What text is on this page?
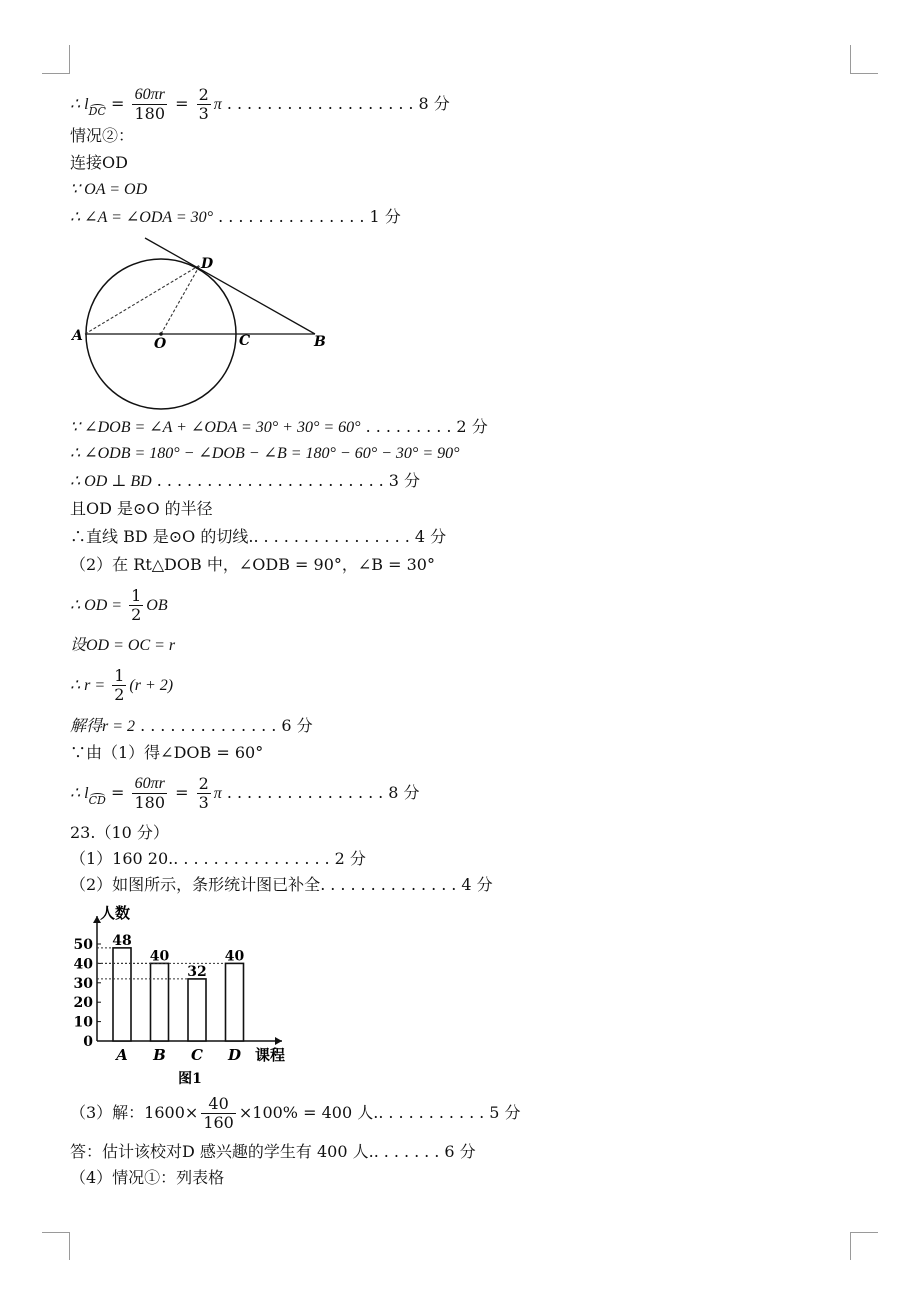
∴ l
$_{DC} = \frac{60\pi r}{180} = \frac{2}{3}$ π ...................8 分
情况②：
连接OD
∵ OA = OD
∴ ∠A = ∠ODA = 30° ...............1 分
A	O	C	B
D
∵ ∠DOB = ∠A + ∠ODA = 30° + 30° = 60° .........2 分
∴ ∠ODB = 180° − ∠DOB − ∠B = 180° − 60° − 30° = 90°
∴ OD ⊥ BD .......................3 分
且OD 是⊙O 的半径
∴直线 BD 是⊙O 的切线.................4 分
（2）在 Rt△DOB 中，∠ODB = 90°，∠B = 30°
∴ OD = $\frac{1}{2}$ OB
设OD = OC = r
∴ $r = \frac{1}{2} (r + 2)$
解得r = 2 ..............6 分
∵由（1）得∠DOB = 60°
∴ l
$_{CD} = \frac{60\pi r}{180} = \frac{2}{3}$ π ................8 分
23.（10 分）
（1）160 20.................2 分
（2）如图所示，条形统计图已补全..............4 分
人数
0
10
20
30
40
50 48
A
40
B
32
C
40
D 课程
图1
（3）解：$1600\times \frac{40}{160} \times 100\% = 400$ 人............5 分
答：估计该校对D 感兴趣的学生有 400 人........6 分
（4）情况①：列表格
